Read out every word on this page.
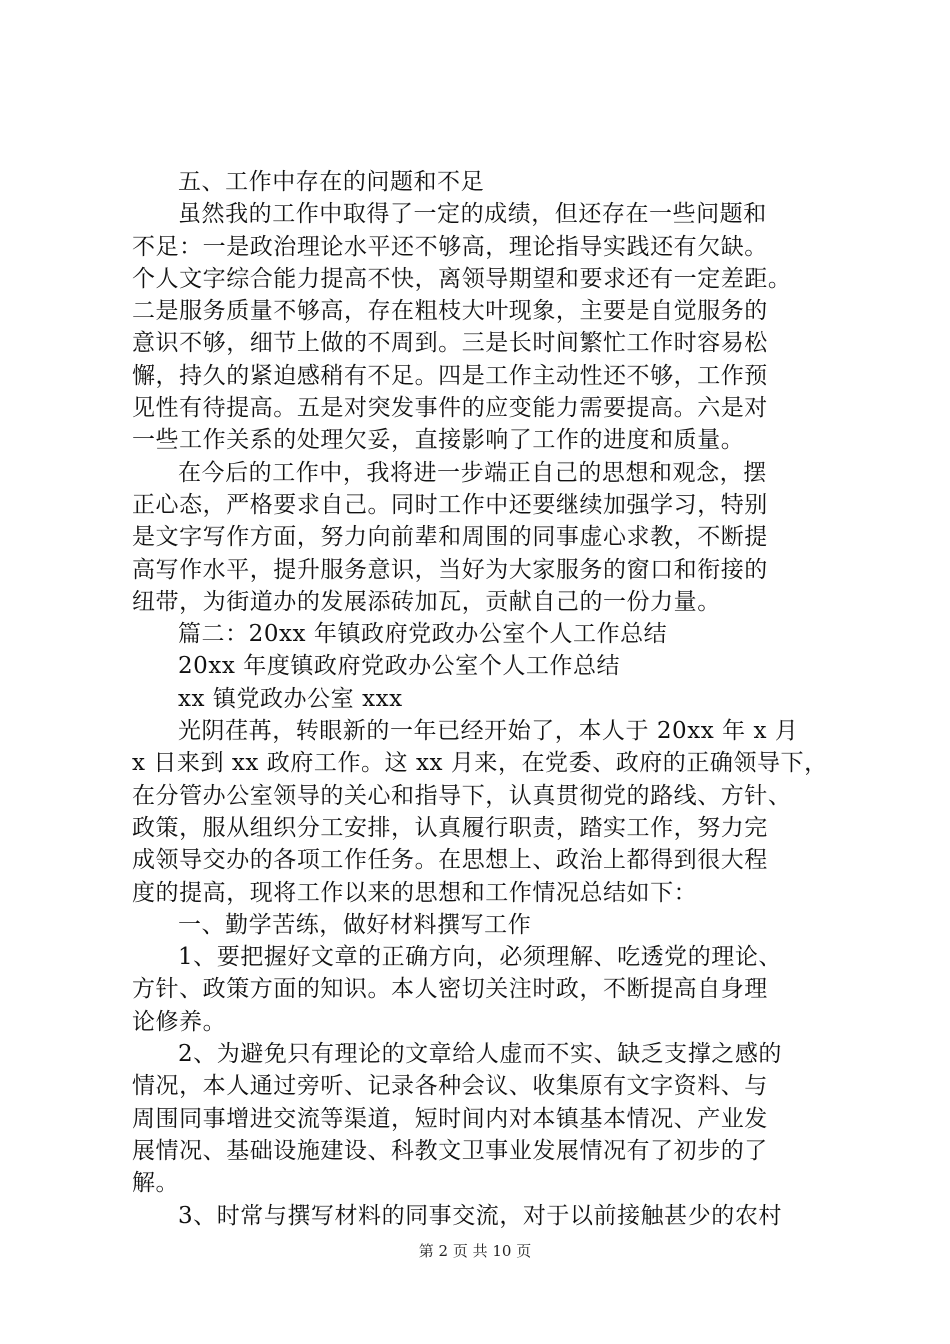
五、工作中存在的问题和不足
虽然我的工作中取得了一定的成绩，但还存在一些问题和
不足：一是政治理论水平还不够高，理论指导实践还有欠缺。
个人文字综合能力提高不快，离领导期望和要求还有一定差距。
二是服务质量不够高，存在粗枝大叶现象，主要是自觉服务的
意识不够，细节上做的不周到。三是长时间繁忙工作时容易松
懈，持久的紧迫感稍有不足。四是工作主动性还不够，工作预
见性有待提高。五是对突发事件的应变能力需要提高。六是对
一些工作关系的处理欠妥，直接影响了工作的进度和质量。
在今后的工作中，我将进一步端正自己的思想和观念，摆
正心态，严格要求自己。同时工作中还要继续加强学习，特别
是文字写作方面，努力向前辈和周围的同事虚心求教，不断提
高写作水平，提升服务意识，当好为大家服务的窗口和衔接的
纽带，为街道办的发展添砖加瓦，贡献自己的一份力量。
篇二：20xx 年镇政府党政办公室个人工作总结
20xx 年度镇政府党政办公室个人工作总结
xx 镇党政办公室 xxx
光阴荏苒，转眼新的一年已经开始了，本人于 20xx 年 x 月
x 日来到 xx 政府工作。这 xx 月来，在党委、政府的正确领导下，
在分管办公室领导的关心和指导下，认真贯彻党的路线、方针、
政策，服从组织分工安排，认真履行职责，踏实工作，努力完
成领导交办的各项工作任务。在思想上、政治上都得到很大程
度的提高，现将工作以来的思想和工作情况总结如下：
一、勤学苦练，做好材料撰写工作
1、要把握好文章的正确方向，必须理解、吃透党的理论、
方针、政策方面的知识。本人密切关注时政，不断提高自身理
论修养。
2、为避免只有理论的文章给人虚而不实、缺乏支撑之感的
情况，本人通过旁听、记录各种会议、收集原有文字资料、与
周围同事增进交流等渠道，短时间内对本镇基本情况、产业发
展情况、基础设施建设、科教文卫事业发展情况有了初步的了
解。
3、时常与撰写材料的同事交流，对于以前接触甚少的农村
第 2 页 共 10 页
